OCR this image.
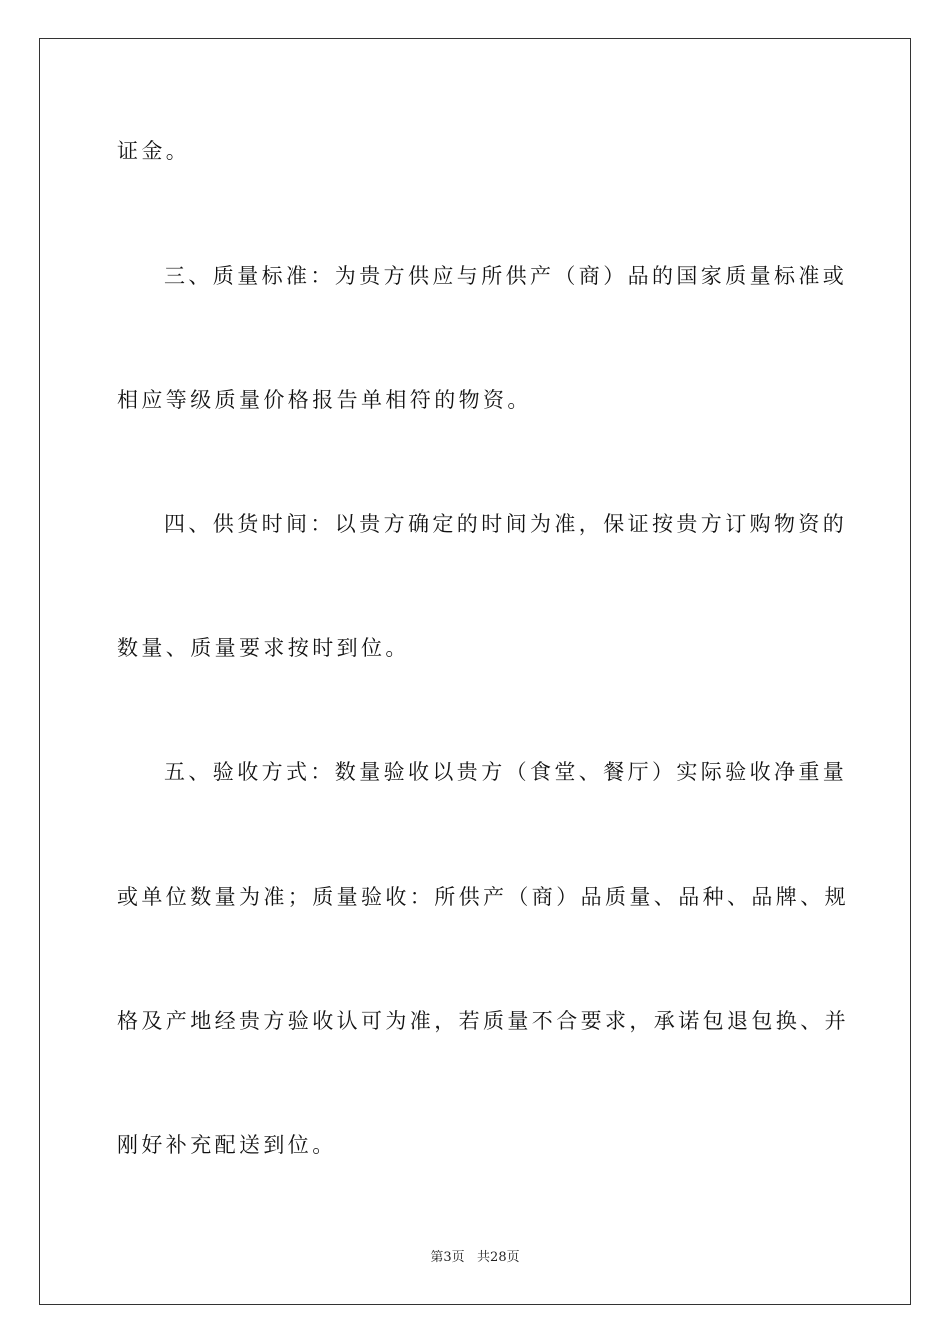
证金。
三、质量标准：为贵方供应与所供产（商）品的国家质量标准或
相应等级质量价格报告单相符的物资。
四、供货时间：以贵方确定的时间为准，保证按贵方订购物资的
数量、质量要求按时到位。
五、验收方式：数量验收以贵方（食堂、餐厅）实际验收净重量
或单位数量为准；质量验收：所供产（商）品质量、品种、品牌、规
格及产地经贵方验收认可为准，若质量不合要求，承诺包退包换、并
刚好补充配送到位。
第3页   共28页
